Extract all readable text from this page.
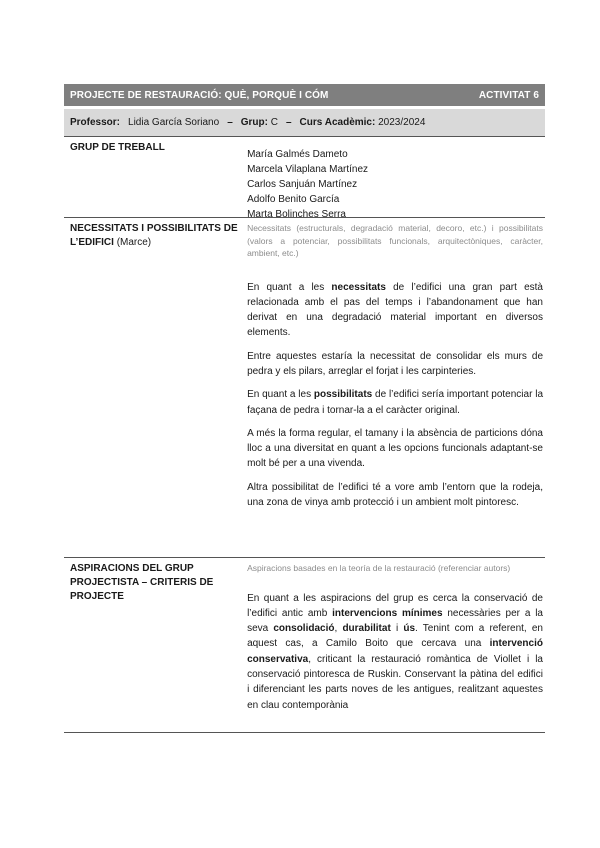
PROJECTE DE RESTAURACIÓ: QUÈ, PORQUÈ I CÓM	ACTIVITAT 6
Professor: Lidia García Soriano – Grup:
C – Curs Acadèmic:
2023/2024
GRUP DE TREBALL
María Galmés Dameto
Marcela Vilaplana Martínez
Carlos Sanjuán Martínez
Adolfo Benito García
Marta Bolinches Serra
NECESSITATS I POSSIBILITATS DE L’EDIFICI (Marce)

Necessitats (estructurals, degradació material, decoro, etc.) i possibilitats (valors a potenciar, possibilitats funcionals, arquitectòniques, caràcter, ambient, etc.)

En quant a les necessitats de l’edifici una gran part està relacionada amb el pas del temps i l’abandonament que han derivat en una degradació material important en diversos elements.

Entre aquestes estaría la necessitat de consolidar els murs de pedra y els pilars, arreglar el forjat i les carpinteries.

En quant a les possibilitats de l’edifici sería important potenciar la façana de pedra i tornar-la a el caràcter original.

A més la forma regular, el tamany i la absència de particions dóna lloc a una diversitat en quant a les opcions funcionals adaptant-se molt bé per a una vivenda.

Altra possibilitat de l’edifici té a vore amb l’entorn que la rodeja, una zona de vinya amb protecció i un ambient molt pintoresc.

ASPIRACIONS DEL GRUP PROJECTISTA – CRITERIS DE PROJECTE

Aspiracions basades en la teoría de la restauració (referenciar autors)

En quant a les aspiracions del grup es cerca la conservació de l’edifici antic amb intervencions mínimes necessàries per a la seva consolidació, durabilitat i ús. Tenint com a referent, en aquest cas, a Camilo Boito que cercava una intervenció conservativa, criticant la restauració romàntica de Viollet i la conservació pintoresca de Ruskin. Conservant la pàtina del edifici i diferenciant les parts noves de les antigues, realitzant aquestes en clau contemporània
